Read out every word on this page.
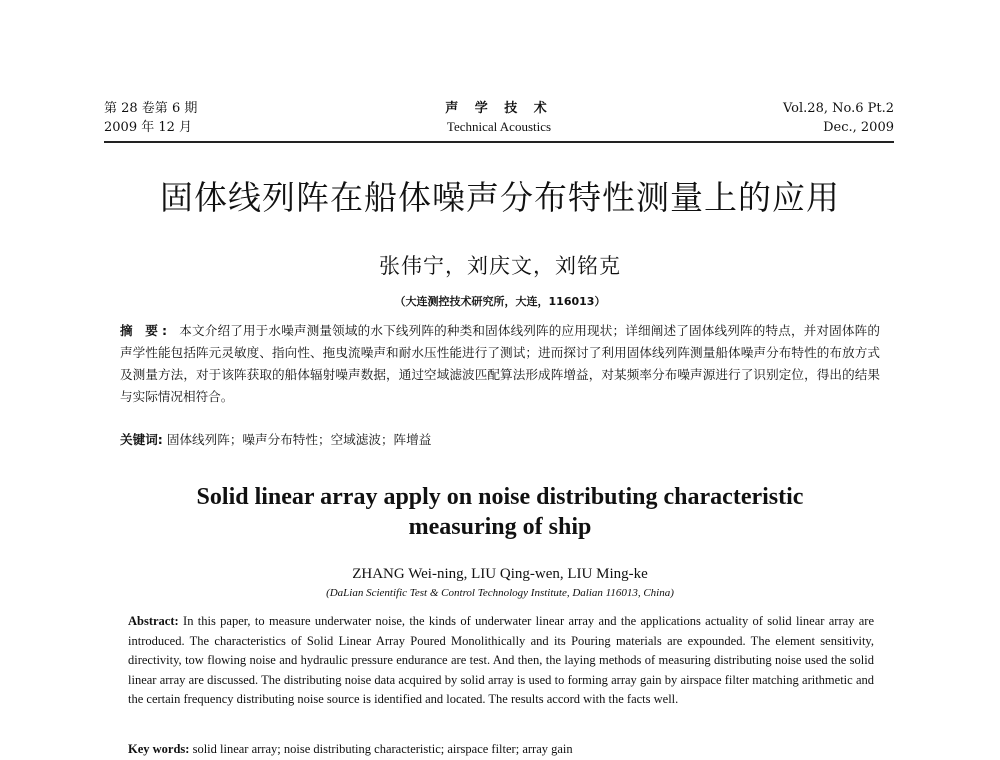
第 28 卷第 6 期	声 学 技 术	Vol.28, No.6 Pt.2
2009 年 12 月	Technical Acoustics	Dec., 2009
固体线列阵在船体噪声分布特性测量上的应用
张伟宁，刘庆文，刘铭克
（大连测控技术研究所，大连，116013）
摘 要: 本文介绍了用于水噪声测量领域的水下线列阵的种类和固体线列阵的应用现状；详细阐述了固体线列阵的特点，并对固体阵的声学性能包括阵元灵敏度、指向性、拖曳流噪声和耐水压性能进行了测试；进而探讨了利用固体线列阵测量船体噪声分布特性的布放方式及测量方法，对于该阵获取的船体辐射噪声数据，通过空域滤波匹配算法形成阵增益，对某频率分布噪声源进行了识别定位，得出的结果与实际情况相符合。
关键词: 固体线列阵；噪声分布特性；空域滤波；阵增益
Solid linear array apply on noise distributing characteristic measuring of ship
ZHANG Wei-ning, LIU Qing-wen, LIU Ming-ke
(DaLian Scientific Test & Control Technology Institute, Dalian 116013, China)
Abstract: In this paper, to measure underwater noise, the kinds of underwater linear array and the applications actuality of solid linear array are introduced. The characteristics of Solid Linear Array Poured Monolithically and its Pouring materials are expounded. The element sensitivity, directivity, tow flowing noise and hydraulic pressure endurance are test. And then, the laying methods of measuring distributing noise used the solid linear array are discussed. The distributing noise data acquired by solid array is used to forming array gain by airspace filter matching arithmetic and the certain frequency distributing noise source is identified and located. The results accord with the facts well.
Key words: solid linear array; noise distributing characteristic; airspace filter; array gain
